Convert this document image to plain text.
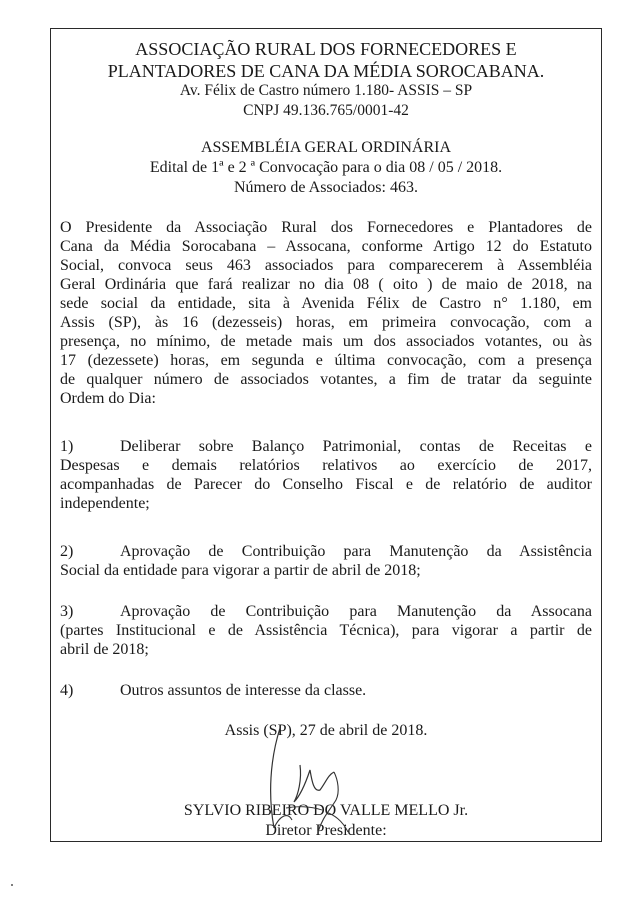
ASSOCIAÇÃO RURAL DOS FORNECEDORES E
PLANTADORES DE CANA DA MÉDIA SOROCABANA.
Av. Félix de Castro número 1.180- ASSIS – SP
CNPJ 49.136.765/0001-42
ASSEMBLÉIA GERAL ORDINÁRIA
Edital de 1ª e 2 ª Convocação para o dia 08 / 05 / 2018.
Número de Associados: 463.
O Presidente da Associação Rural dos Fornecedores e Plantadores de
Cana da Média Sorocabana – Assocana, conforme Artigo 12 do Estatuto
Social, convoca seus 463 associados para comparecerem à Assembléia
Geral Ordinária que fará realizar no dia 08 ( oito ) de maio de 2018, na
sede social da entidade, sita à Avenida Félix de Castro n° 1.180, em
Assis (SP), às 16 (dezesseis) horas, em primeira convocação, com a
presença, no mínimo, de metade mais um dos associados votantes, ou às
17 (dezessete) horas, em segunda e última convocação, com a presença
de qualquer número de associados votantes, a fim de tratar da seguinte
Ordem do Dia:
1)	Deliberar sobre Balanço Patrimonial, contas de Receitas e
Despesas e demais relatórios relativos ao exercício de 2017,
acompanhadas de Parecer do Conselho Fiscal e de relatório de auditor
independente;
2)	Aprovação de Contribuição para Manutenção da Assistência
Social da entidade para vigorar a partir de abril de 2018;
3)	Aprovação de Contribuição para Manutenção da Assocana
(partes Institucional e de Assistência Técnica), para vigorar a partir de
abril de 2018;
4)	Outros assuntos de interesse da classe.
Assis (SP), 27 de abril de 2018.
SYLVIO RIBEIRO DO VALLE MELLO Jr.
Diretor Presidente:
